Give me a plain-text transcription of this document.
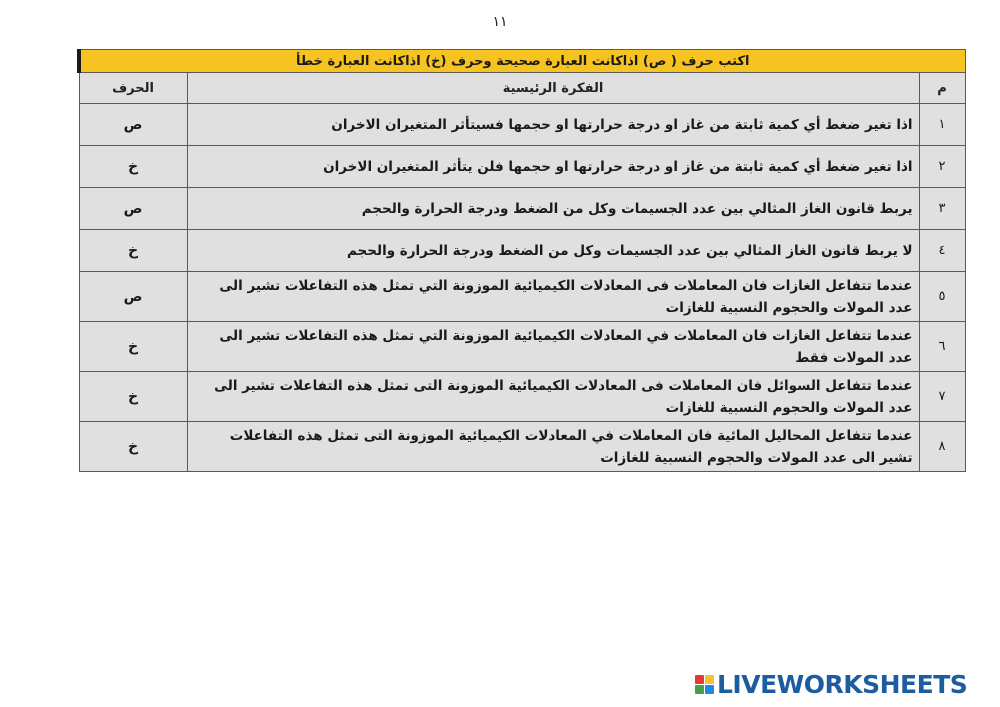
١١
اكتب حرف ( ص) اذاكانت العبارة صحيحة وحرف (خ) اذاكانت العبارة خطأ		
م	الفكرة الرئيسية	الحرف
١	اذا تغير ضغط أي كمية ثابتة من غاز او درجة حرارتها او حجمها فسيتأثر المتغيران الاخران	ص
٢	اذا تغير ضغط أي كمية ثابتة من غاز او درجة حرارتها او حجمها فلن يتأثر المتغيران الاخران	خ
٣	يربط قانون الغاز المثالي بين عدد الجسيمات وكل من الضغط ودرجة الحرارة والحجم	ص
٤	لا يربط قانون الغاز المثالي بين عدد الجسيمات وكل من الضغط ودرجة الحرارة والحجم	خ
٥	عندما تتفاعل الغازات فان المعاملات فى المعادلات الكيميائية الموزونة التي تمثل هذه التفاعلات تشير الى عدد المولات والحجوم النسبية للغازات	ص
٦	عندما تتفاعل الغازات فان المعاملات في المعادلات الكيميائية الموزونة التي تمثل هذه التفاعلات تشير الى عدد المولات فقط	خ
٧	عندما تتفاعل السوائل فان المعاملات فى المعادلات الكيميائية الموزونة التى تمثل هذه التفاعلات تشير الى عدد المولات والحجوم النسبية للغازات	خ
٨	عندما تتفاعل المحاليل المائية فان المعاملات في المعادلات الكيميائية الموزونة التى تمثل هذه التفاعلات تشير الى عدد المولات والحجوم النسبية للغازات	خ
LIVEWORKSHEETS
